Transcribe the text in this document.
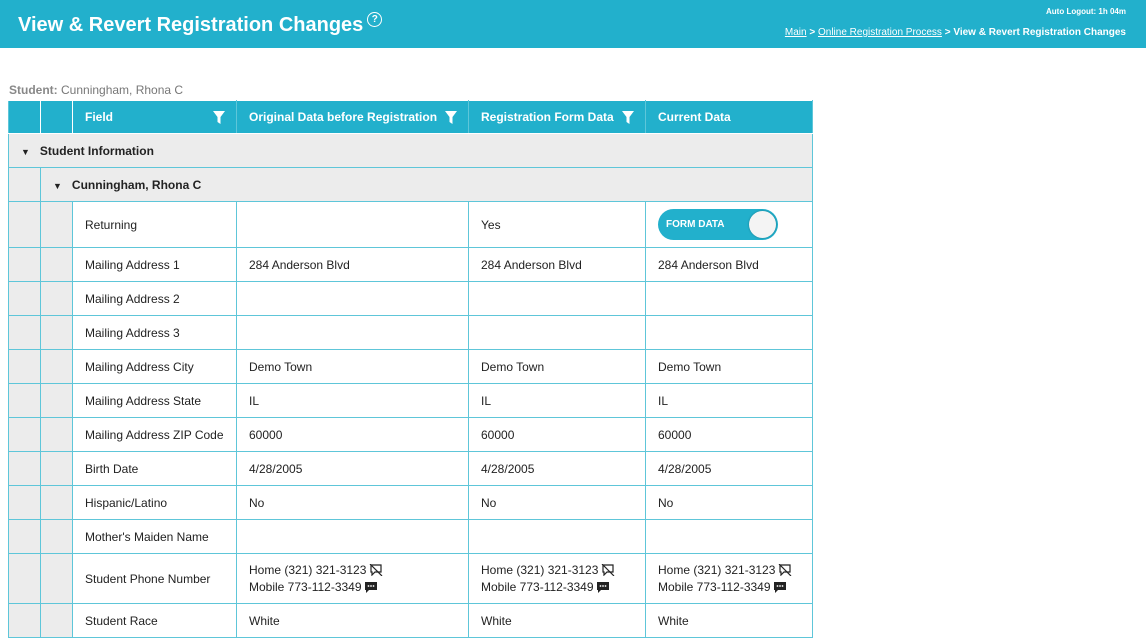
View & Revert Registration Changes ?
Auto Logout: 1h 04m
Main > Online Registration Process > View & Revert Registration Changes
Student: Cunningham, Rhona C
		Field	Original Data before Registration	Registration Form Data	Current Data
▼ Student Information					
	▼ Cunningham, Rhona C				
		Returning		Yes	FORM DATA

		Mailing Address 1	284 Anderson Blvd	284 Anderson Blvd	284 Anderson Blvd
		Mailing Address 2			
		Mailing Address 3			
		Mailing Address City	Demo Town	Demo Town	Demo Town
		Mailing Address State	IL	IL	IL
		Mailing Address ZIP Code	60000	60000	60000
		Birth Date	4/28/2005	4/28/2005	4/28/2005
		Hispanic/Latino	No	No	No
		Mother's Maiden Name			
		Student Phone Number	Home (321) 321-3123
Mobile 773-112-3349	Home (321) 321-3123
Mobile 773-112-3349	Home (321) 321-3123
Mobile 773-112-3349

		Student Race	White	White	White
